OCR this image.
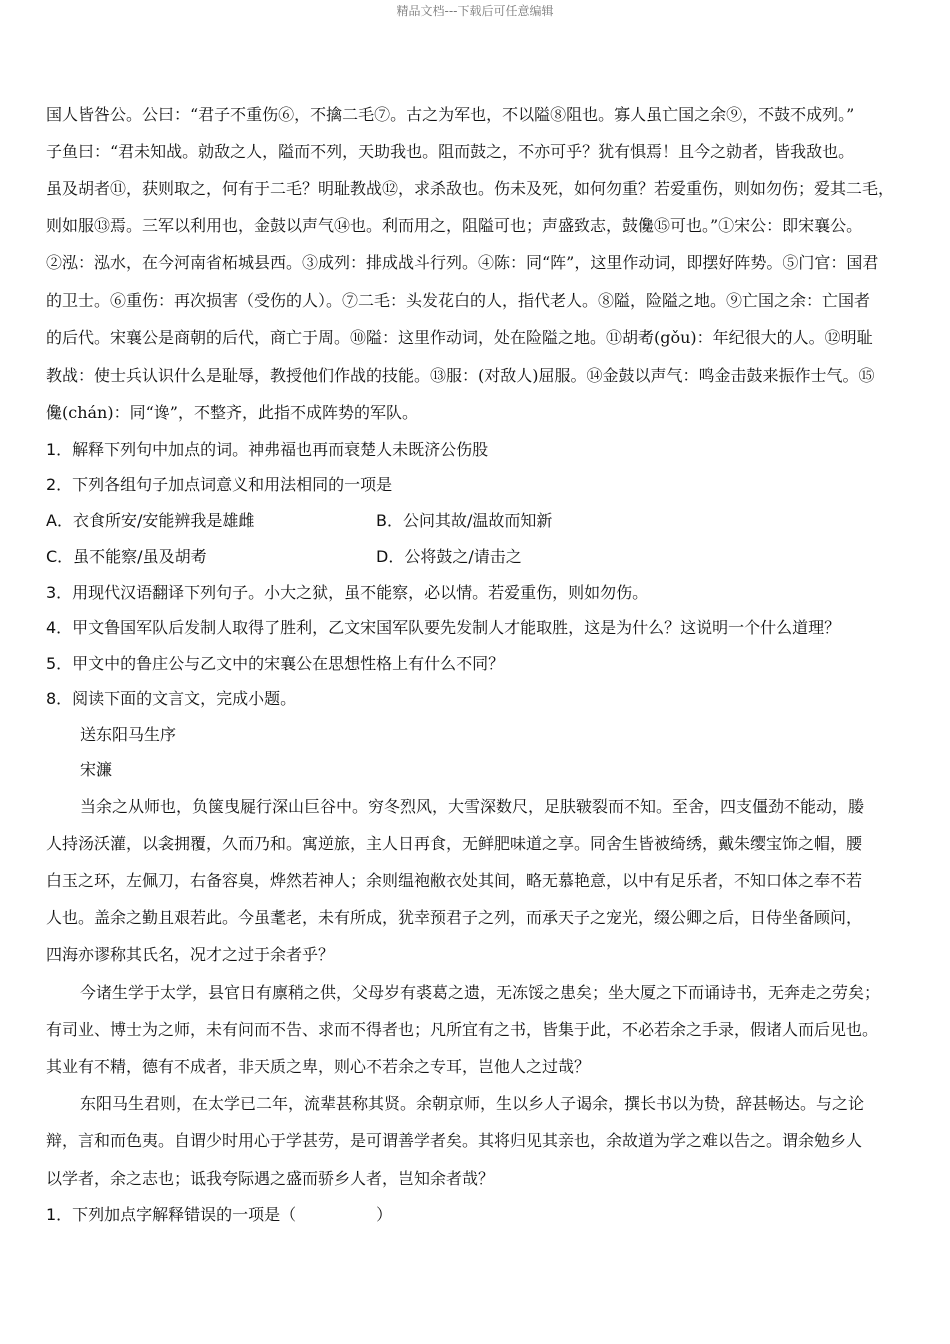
精品文档---下载后可任意编辑
国人皆咎公。公曰：“君子不重伤⑥，不擒二毛⑦。古之为军也，不以隘⑧阻也。寡人虽亡国之余⑨，不鼓不成列。”
子鱼曰：“君未知战。勍敌之人，隘而不列，天助我也。阻而鼓之，不亦可乎？犹有惧焉！且今之勍者，皆我敌也。
虽及胡者⑪，获则取之，何有于二毛？明耻教战⑫，求杀敌也。伤未及死，如何勿重？若爱重伤，则如勿伤；爱其二毛，
则如服⑬焉。三军以利用也，金鼓以声气⑭也。利而用之，阻隘可也；声盛致志，鼓儳⑮可也。”①宋公：即宋襄公。
②泓：泓水，在今河南省柘城县西。③成列：排成战斗行列。④陈：同“阵”，这里作动词，即摆好阵势。⑤门官：国君
的卫士。⑥重伤：再次损害（受伤的人）。⑦二毛：头发花白的人，指代老人。⑧隘，险隘之地。⑨亡国之余：亡国者
的后代。宋襄公是商朝的后代，商亡于周。⑩隘：这里作动词，处在险隘之地。⑪胡耇(gǒu)：年纪很大的人。⑫明耻
教战：使士兵认识什么是耻辱，教授他们作战的技能。⑬服：(对敌人)屈服。⑭金鼓以声气：鸣金击鼓来振作士气。⑮
儳(chán)：同“谗”，不整齐，此指不成阵势的军队。
1．解释下列句中加点的词。神弗福也再而衰楚人未既济公伤股
2．下列各组句子加点词意义和用法相同的一项是
A．衣食所安/安能辨我是雄雌	B．公问其故/温故而知新
C．虽不能察/虽及胡耇	D．公将鼓之/请击之
3．用现代汉语翻译下列句子。小大之狱，虽不能察，必以情。若爱重伤，则如勿伤。
4．甲文鲁国军队后发制人取得了胜利，乙文宋国军队要先发制人才能取胜，这是为什么？这说明一个什么道理？
5．甲文中的鲁庄公与乙文中的宋襄公在思想性格上有什么不同？
8．阅读下面的文言文，完成小题。
送东阳马生序
宋濂
当余之从师也，负箧曳屣行深山巨谷中。穷冬烈风，大雪深数尺，足肤皲裂而不知。至舍，四支僵劲不能动，媵
人持汤沃灌，以衾拥覆，久而乃和。寓逆旅，主人日再食，无鲜肥味道之享。同舍生皆被绮绣，戴朱缨宝饰之帽，腰
白玉之环，左佩刀，右备容臭，烨然若神人；余则缊袍敝衣处其间，略无慕艳意，以中有足乐者，不知口体之奉不若
人也。盖余之勤且艰若此。今虽耄老，未有所成，犹幸预君子之列，而承天子之宠光，缀公卿之后，日侍坐备顾问，
四海亦谬称其氏名，况才之过于余者乎？
今诸生学于太学，县官日有廪稍之供，父母岁有裘葛之遗，无冻馁之患矣；坐大厦之下而诵诗书，无奔走之劳矣；
有司业、博士为之师，未有问而不告、求而不得者也；凡所宜有之书，皆集于此，不必若余之手录，假诸人而后见也。
其业有不精，德有不成者，非天质之卑，则心不若余之专耳，岂他人之过哉？
东阳马生君则，在太学已二年，流辈甚称其贤。余朝京师，生以乡人子谒余，撰长书以为贽，辞甚畅达。与之论
辩，言和而色夷。自谓少时用心于学甚劳，是可谓善学者矣。其将归见其亲也，余故道为学之难以告之。谓余勉乡人
以学者，余之志也；诋我夸际遇之盛而骄乡人者，岂知余者哉？
1．下列加点字解释错误的一项是（　　　　　）
